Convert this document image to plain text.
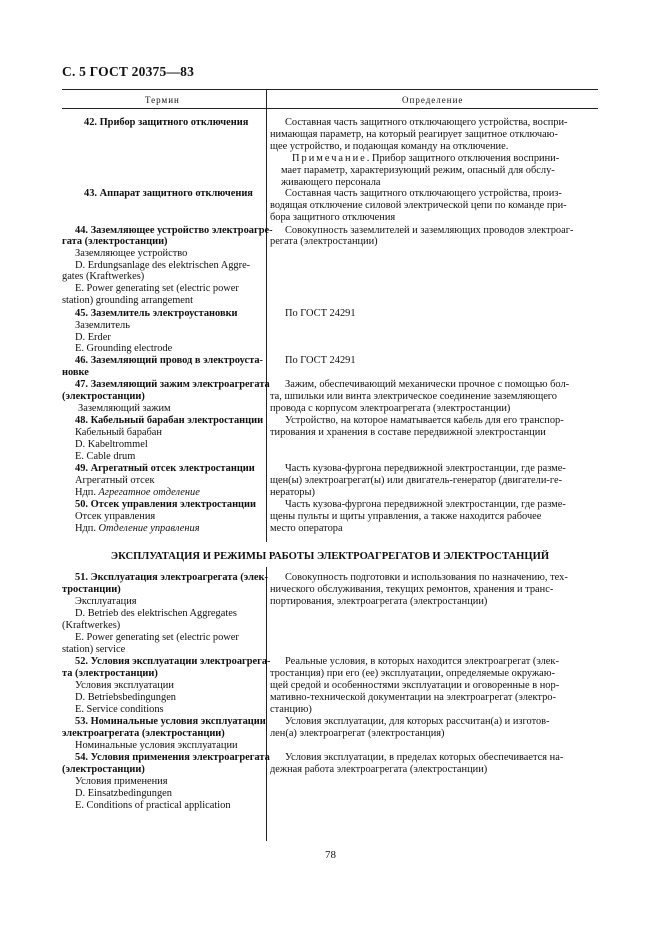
С. 5 ГОСТ 20375—83
Термин	Определение
42. Прибор защитного отключения
43. Аппарат защитного отключения
44. Заземляющее устройство электроагре-
гата (электростанции)
Заземляющее устройство
D. Erdungsanlage des elektrischen Aggre-
gates (Kraftwerkes)
E. Power generating set (electric power
station) grounding arrangement
45. Заземлитель электроустановки
Заземлитель
D. Erder
E. Grounding electrode
46. Заземляющий провод в электроуста-
новке
47. Заземляющий зажим электроагрегата
(электростанции)
Заземляющий зажим
48. Кабельный барабан электростанции
Кабельный барабан
D. Kabeltrommel
E. Cable drum
49. Агрегатный отсек электростанции
Агрегатный отсек
Ндп. Агрегатное отделение
50. Отсек управления электростанции
Отсек управления
Ндп. Отделение управления
51. Эксплуатация электроагрегата (элек-
тростанции)
Эксплуатация
D. Betrieb des elektrischen Aggregates
(Kraftwerkes)
E. Power generating set (electric power
station) service
52. Условия эксплуатации электроагрега-
та (электростанции)
Условия эксплуатации
D. Betriebsbedingungen
E. Service conditions
53. Номинальные условия эксплуатации
электроагрегата (электростанции)
Номинальные условия эксплуатации
54. Условия применения электроагрегата
(электростанции)
Условия применения
D. Einsatzbedingungen
E. Conditions of practical application
Составная часть защитного отключающего устройства, воспри-
нимающая параметр, на который реагирует защитное отключаю-
щее устройство, и подающая команду на отключение.
Примечание. Прибор защитного отключения восприни-
мает параметр, характеризующий режим, опасный для обслу-
живающего персонала
Составная часть защитного отключающего устройства, произ-
водящая отключение силовой электрической цепи по команде при-
бора защитного отключения
Совокупность заземлителей и заземляющих проводов электроаг-
регата (электростанции)
По ГОСТ 24291
По ГОСТ 24291
Зажим, обеспечивающий механически прочное с помощью бол-
та, шпильки или винта электрическое соединение заземляющего
провода с корпусом электроагрегата (электростанции)
Устройство, на которое наматывается кабель для его транспор-
тирования и хранения в составе передвижной электростанции
Часть кузова-фургона передвижной электростанции, где разме-
щен(ы) электроагрегат(ы) или двигатель-генератор (двигатели-ге-
нераторы)
Часть кузова-фургона передвижной электростанции, где разме-
щены пульты и щиты управления, а также находится рабочее
место оператора
Совокупность подготовки и использования по назначению, тех-
нического обслуживания, текущих ремонтов, хранения и транс-
портирования, электроагрегата (электростанции)
Реальные условия, в которых находится электроагрегат (элек-
тростанция) при его (ее) эксплуатации, определяемые окружаю-
щей средой и особенностями эксплуатации и оговоренные в нор-
мативно-технической документации на электроагрегат (электро-
станцию)
Условия эксплуатации, для которых рассчитан(а) и изготов-
лен(а) электроагрегат (электростанция)
Условия эксплуатации, в пределах которых обеспечивается на-
дежная работа электроагрегата (электростанции)
ЭКСПЛУАТАЦИЯ И РЕЖИМЫ РАБОТЫ ЭЛЕКТРОАГРЕГАТОВ И ЭЛЕКТРОСТАНЦИЙ
78
